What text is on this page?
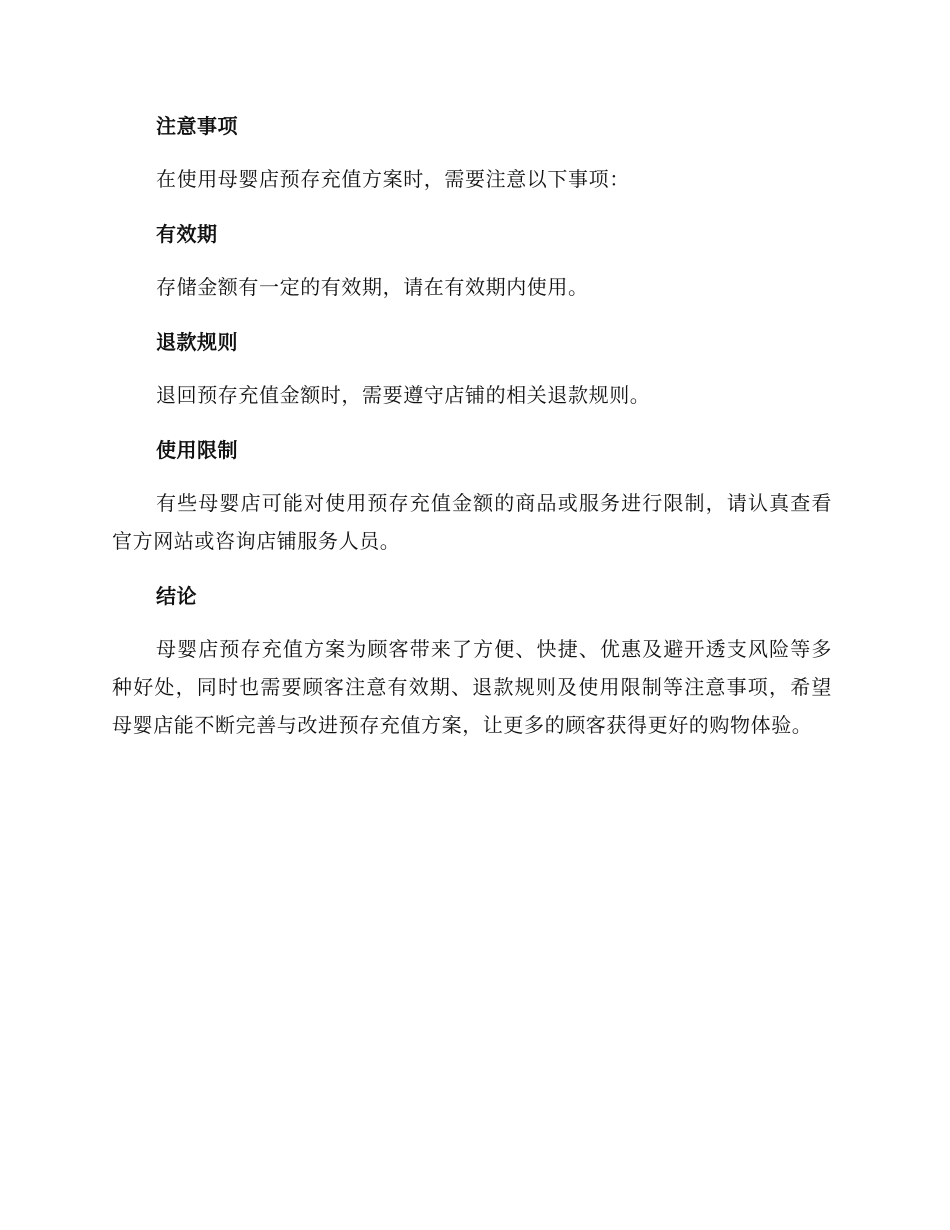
注意事项

在使用母婴店预存充值方案时，需要注意以下事项：

有效期

存储金额有一定的有效期，请在有效期内使用。

退款规则

退回预存充值金额时，需要遵守店铺的相关退款规则。

使用限制

有些母婴店可能对使用预存充值金额的商品或服务进行限制，请认真查看官方网站或咨询店铺服务人员。

结论

母婴店预存充值方案为顾客带来了方便、快捷、优惠及避开透支风险等多种好处，同时也需要顾客注意有效期、退款规则及使用限制等注意事项，希望母婴店能不断完善与改进预存充值方案，让更多的顾客获得更好的购物体验。
